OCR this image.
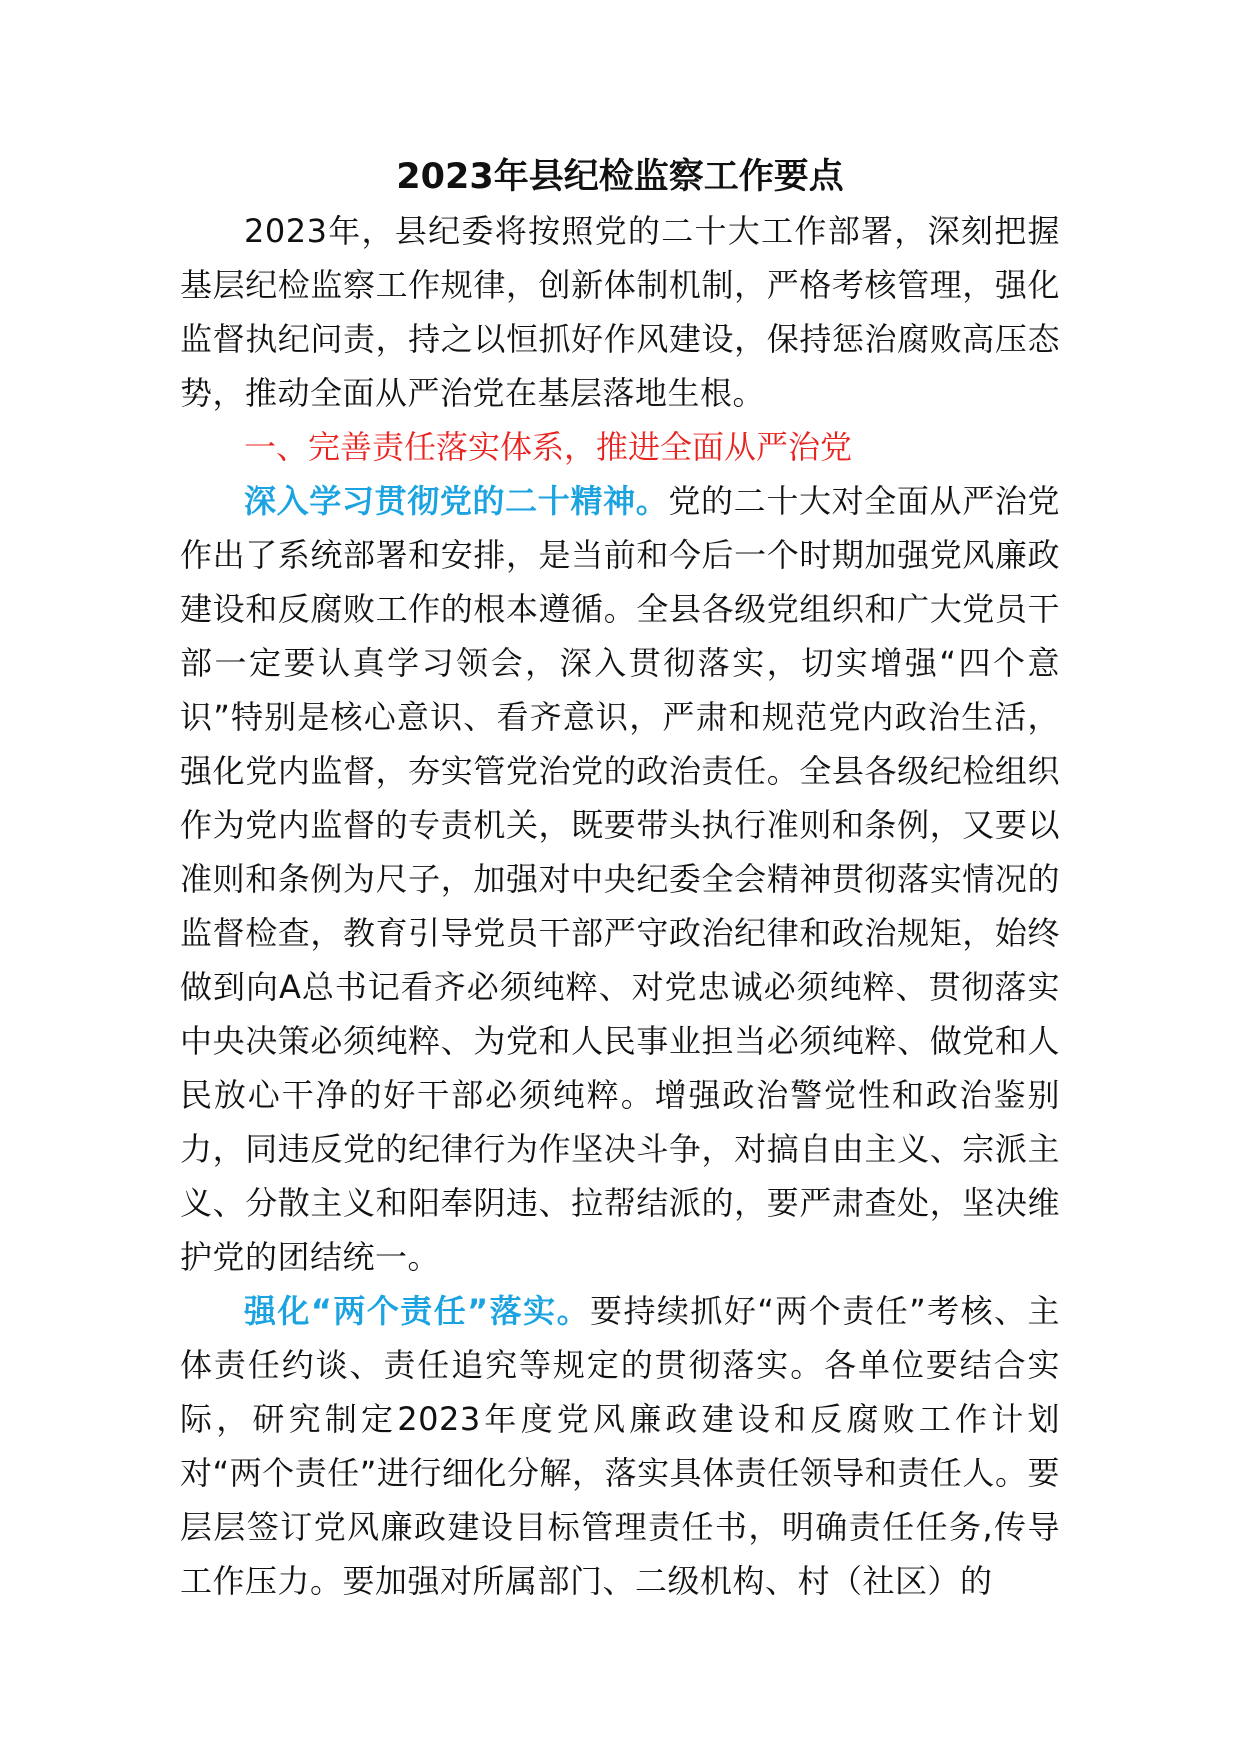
2023年县纪检监察工作要点

2023年，县纪委将按照党的二十大工作部署，深刻把握基层纪检监察工作规律，创新体制机制，严格考核管理，强化监督执纪问责，持之以恒抓好作风建设，保持惩治腐败高压态势，推动全面从严治党在基层落地生根。

一、完善责任落实体系，推进全面从严治党

深入学习贯彻党的二十精神。党的二十大对全面从严治党作出了系统部署和安排，是当前和今后一个时期加强党风廉政建设和反腐败工作的根本遵循。全县各级党组织和广大党员干部一定要认真学习领会，深入贯彻落实，切实增强“四个意识”特别是核心意识、看齐意识，严肃和规范党内政治生活，强化党内监督，夯实管党治党的政治责任。全县各级纪检组织作为党内监督的专责机关，既要带头执行准则和条例，又要以准则和条例为尺子，加强对中央纪委全会精神贯彻落实情况的监督检查，教育引导党员干部严守政治纪律和政治规矩，始终做到向A总书记看齐必须纯粹、对党忠诚必须纯粹、贯彻落实中央决策必须纯粹、为党和人民事业担当必须纯粹、做党和人民放心干净的好干部必须纯粹。增强政治警觉性和政治鉴别力，同违反党的纪律行为作坚决斗争，对搞自由主义、宗派主义、分散主义和阳奉阴违、拉帮结派的，要严肃查处，坚决维护党的团结统一。

强化“两个责任”落实。要持续抓好“两个责任”考核、主体责任约谈、责任追究等规定的贯彻落实。各单位要结合实际，研究制定2023年度党风廉政建设和反腐败工作计划对“两个责任”进行细化分解，落实具体责任领导和责任人。要层层签订党风廉政建设目标管理责任书，明确责任任务,传导工作压力。要加强对所属部门、二级机构、村（社区）的
